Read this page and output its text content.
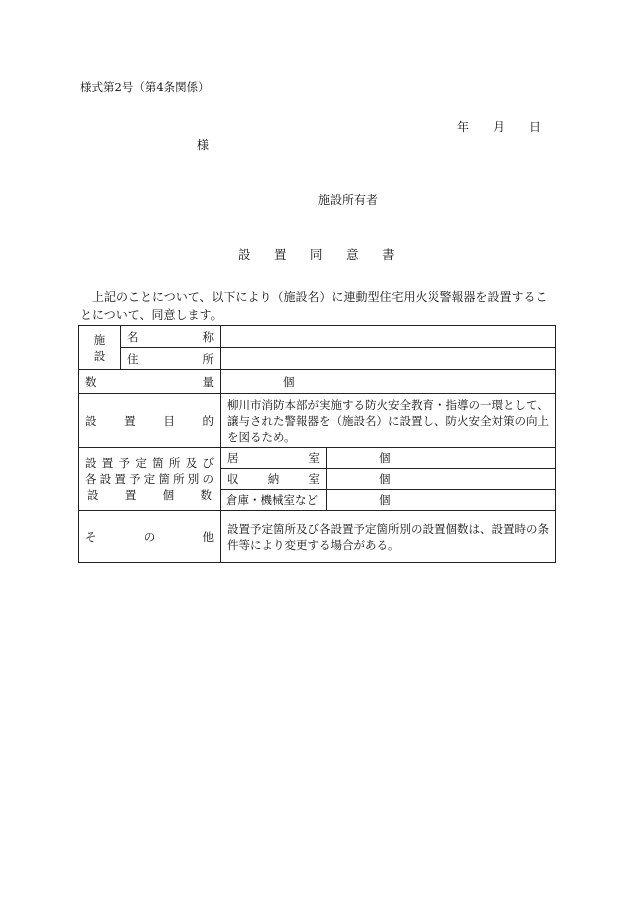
様式第2号（第4条関係）
年 月 日
様
施設所有者
設 置 同 意 書
上記のことについて、以下により（施設名）に連動型住宅用火災警報器を設置することについて、同意します。
施　設	名　　称		
	住　　所		
数　　量		個	
設　置　目　的		柳川市消防本部が実施する防火安全教育・指導の一環として、譲与された警報器を（施設名）に設置し、防火安全対策の向上を図るため。	

設置予定箇所及び
各設置予定箇所別の
設置個数		居　　室	個
		収　納　室	個
		倉庫・機械室など	個
そ　の　他		設置予定箇所及び各設置予定箇所別の設置個数は、設置時の条件等により変更する場合がある。	
